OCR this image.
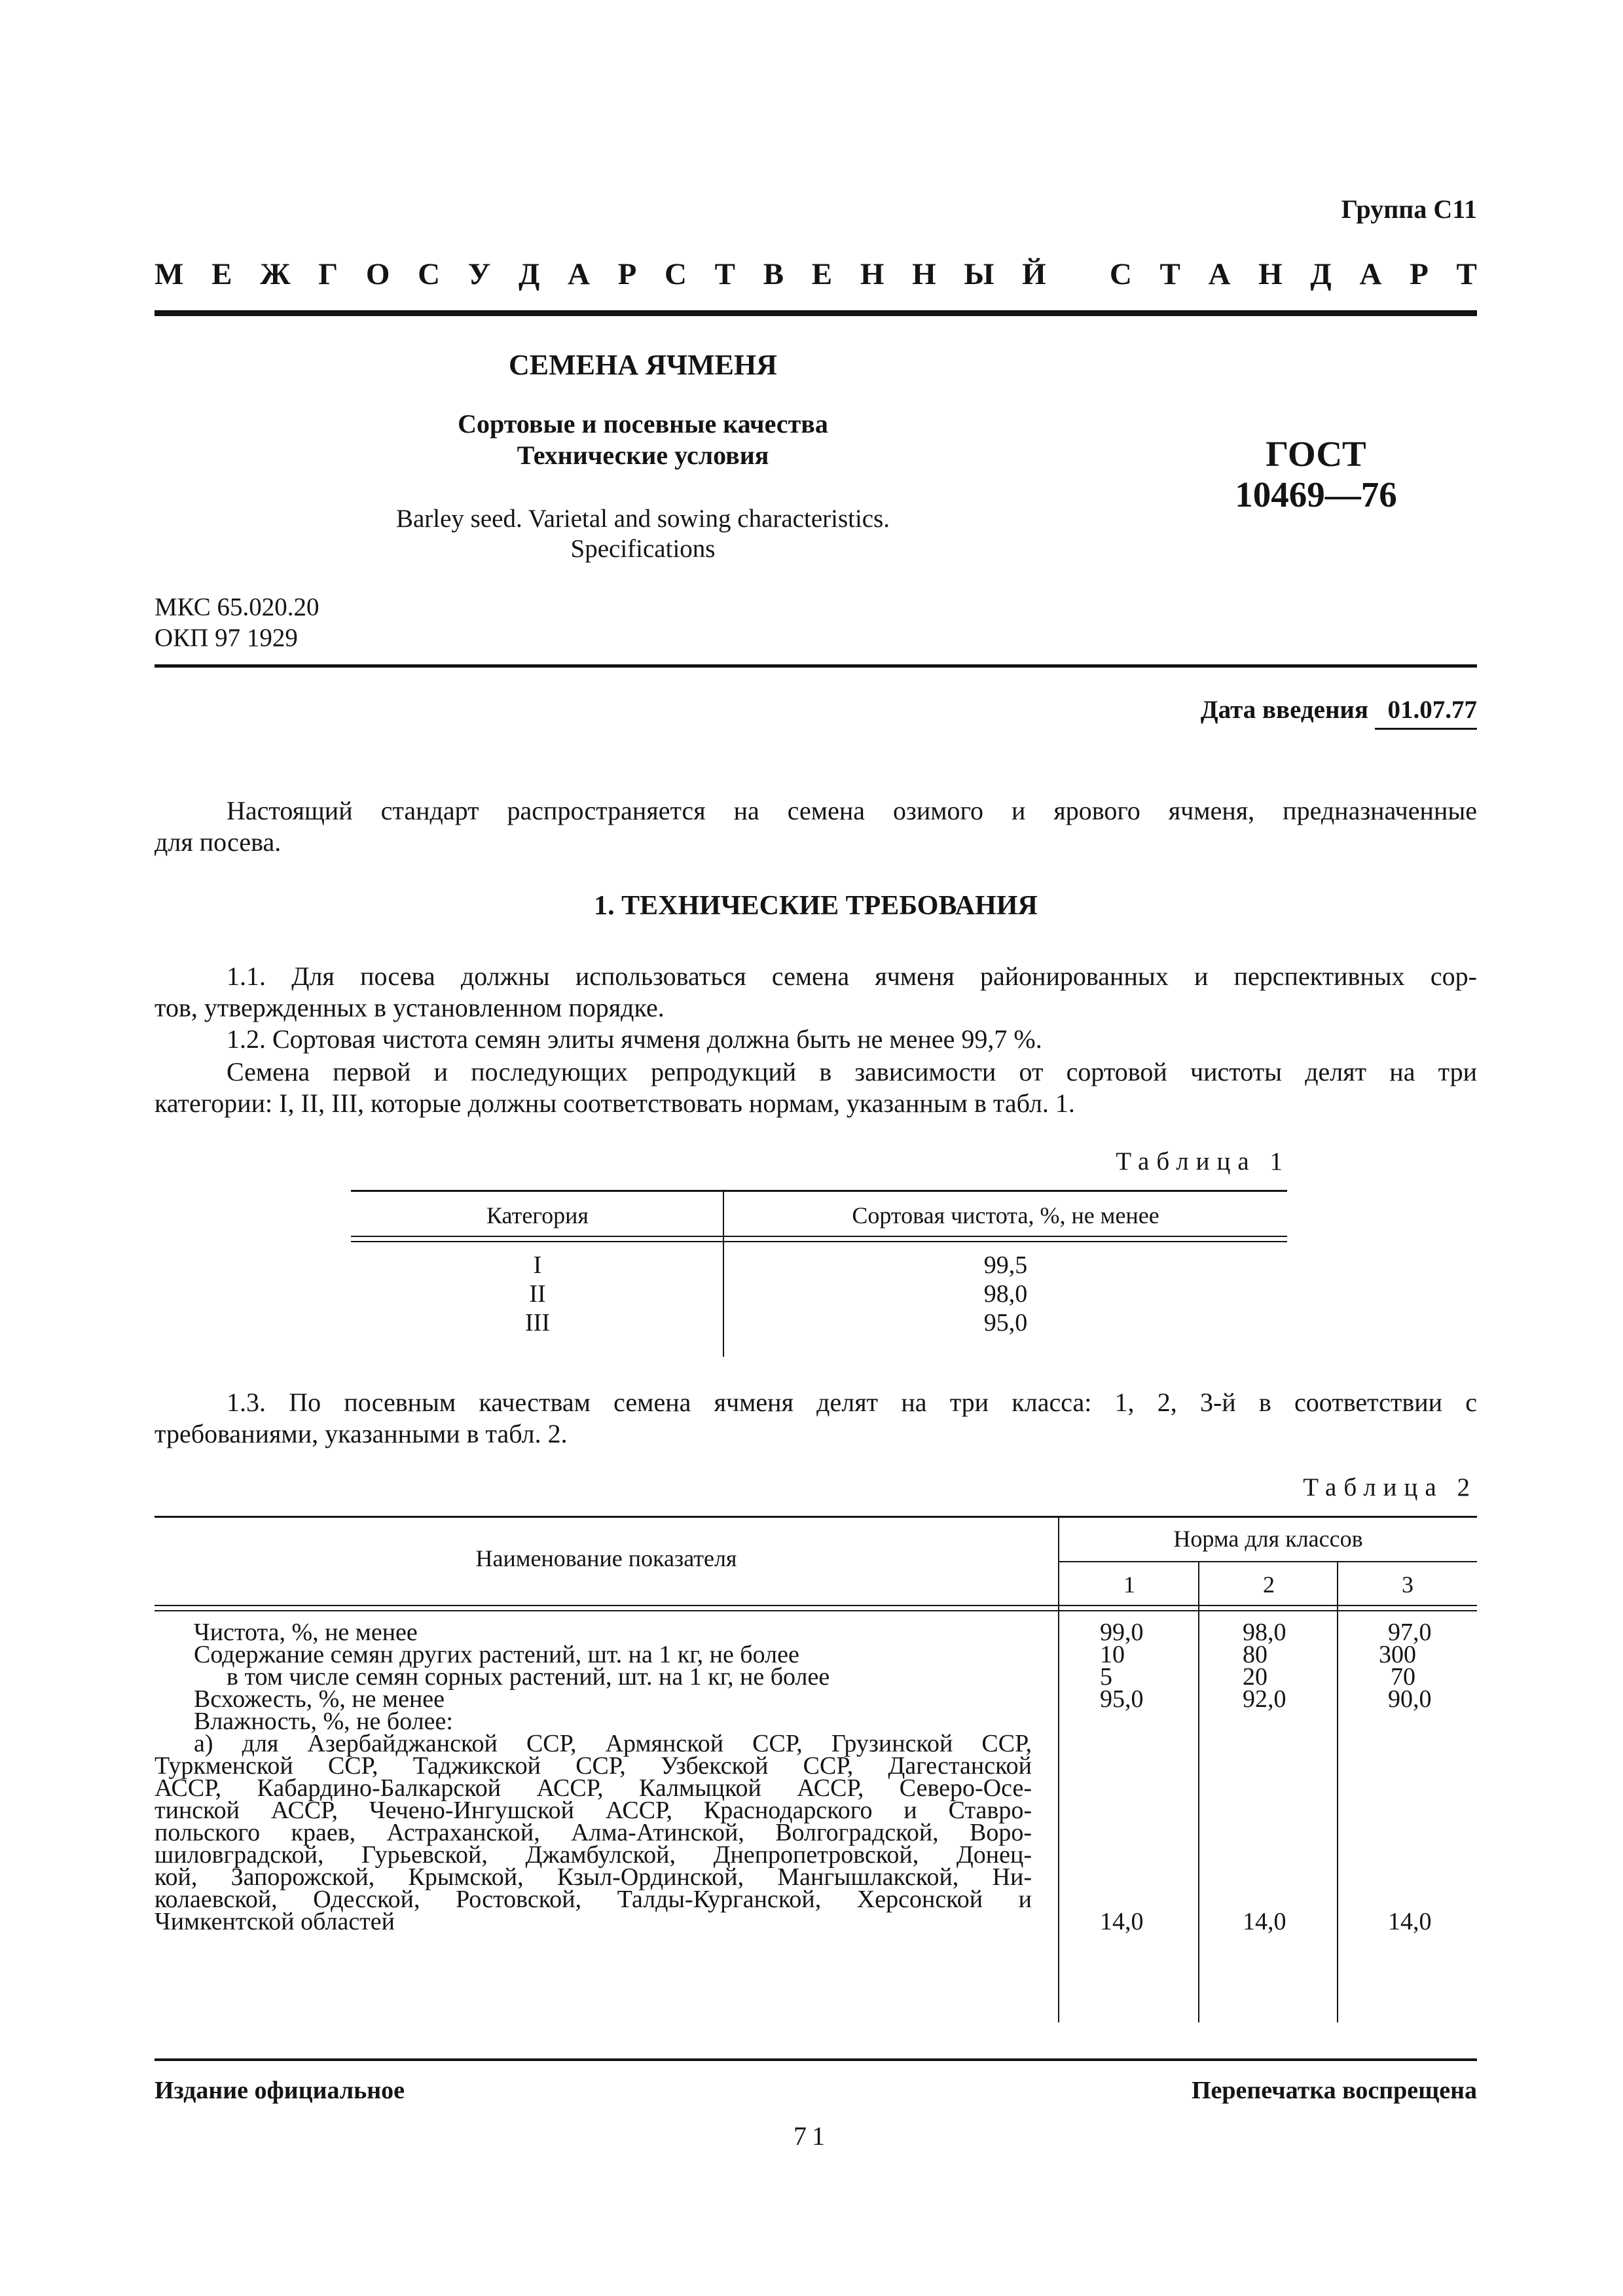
Группа С11
М Е Ж Г О С У Д А Р С Т В Е Н Н Ы Й
С Т А Н Д А Р Т
СЕМЕНА ЯЧМЕНЯ
Сортовые и посевные качества
Технические условия
Barley seed. Varietal and sowing characteristics.
Specifications
ГОСТ
10469—76
МКС 65.020.20
ОКП 97 1929
Дата введения 01.07.77
Настоящий стандарт распространяется на семена озимого и ярового ячменя, предназначенные
для посева.
1. ТЕХНИЧЕСКИЕ ТРЕБОВАНИЯ
1.1. Для посева должны использоваться семена ячменя районированных и перспективных сор-
тов, утвержденных в установленном порядке.
1.2. Сортовая чистота семян элиты ячменя должна быть не менее 99,7 %.
Семена первой и последующих репродукций в зависимости от сортовой чистоты делят на три
категории: I, II, III, которые должны соответствовать нормам, указанным в табл. 1.
Таблица 1
Категория	Сортовая чистота, %, не менее
I	99,5
II	98,0
III	95,0
1.3. По посевным качествам семена ячменя делят на три класса: 1, 2, 3-й в соответствии с
требованиями, указанными в табл. 2.
Таблица 2
Наименование показателя
Норма для классов
1	2	3
Чистота, %, не менее	99,0	98,0	97,0
Содержание семян других растений, шт. на 1 кг, не более	10	80	300
в том числе семян сорных растений, шт. на 1 кг, не более	5	20	70
Всхожесть, %, не менее	95,0	92,0	90,0
Влажность, %, не более:
а) для Азербайджанской ССР, Армянской ССР, Грузинской ССР,
Туркменской ССР, Таджикской ССР, Узбекской ССР, Дагестанской
АССР, Кабардино-Балкарской АССР, Калмыцкой АССР, Северо-Осе-
тинской АССР, Чечено-Ингушской АССР, Краснодарского и Ставро-
польского краев, Астраханской, Алма-Атинской, Волгоградской, Воро-
шиловградской, Гурьевской, Джамбулской, Днепропетровской, Донец-
кой, Запорожской, Крымской, Кзыл-Ординской, Мангышлакской, Ни-
колаевской, Одесской, Ростовской, Талды-Курганской, Херсонской и
Чимкентской областей	14,0	14,0	14,0
Издание официальное	Перепечатка воспрещена
71
